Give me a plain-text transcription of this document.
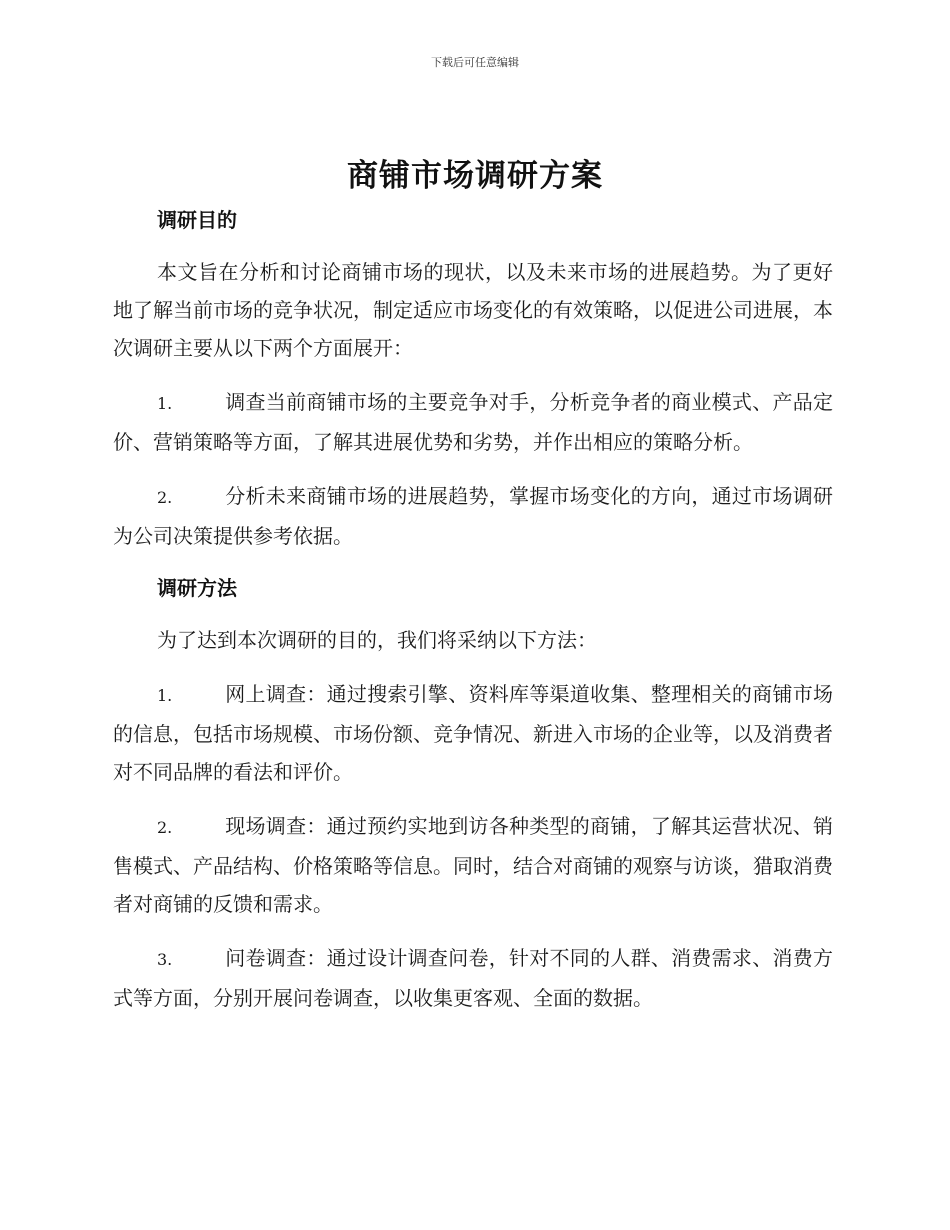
下载后可任意编辑
商铺市场调研方案
调研目的

本文旨在分析和讨论商铺市场的现状，以及未来市场的进展趋势。为了更好地了解当前市场的竞争状况，制定适应市场变化的有效策略，以促进公司进展，本次调研主要从以下两个方面展开：

1.	调查当前商铺市场的主要竞争对手，分析竞争者的商业模式、产品定价、营销策略等方面，了解其进展优势和劣势，并作出相应的策略分析。

2.	分析未来商铺市场的进展趋势，掌握市场变化的方向，通过市场调研为公司决策提供参考依据。

调研方法

为了达到本次调研的目的，我们将采纳以下方法：

1.	网上调查：通过搜索引擎、资料库等渠道收集、整理相关的商铺市场的信息，包括市场规模、市场份额、竞争情况、新进入市场的企业等，以及消费者对不同品牌的看法和评价。

2.	现场调查：通过预约实地到访各种类型的商铺，了解其运营状况、销售模式、产品结构、价格策略等信息。同时，结合对商铺的观察与访谈，猎取消费者对商铺的反馈和需求。

3.	问卷调查：通过设计调查问卷，针对不同的人群、消费需求、消费方式等方面，分别开展问卷调查，以收集更客观、全面的数据。
